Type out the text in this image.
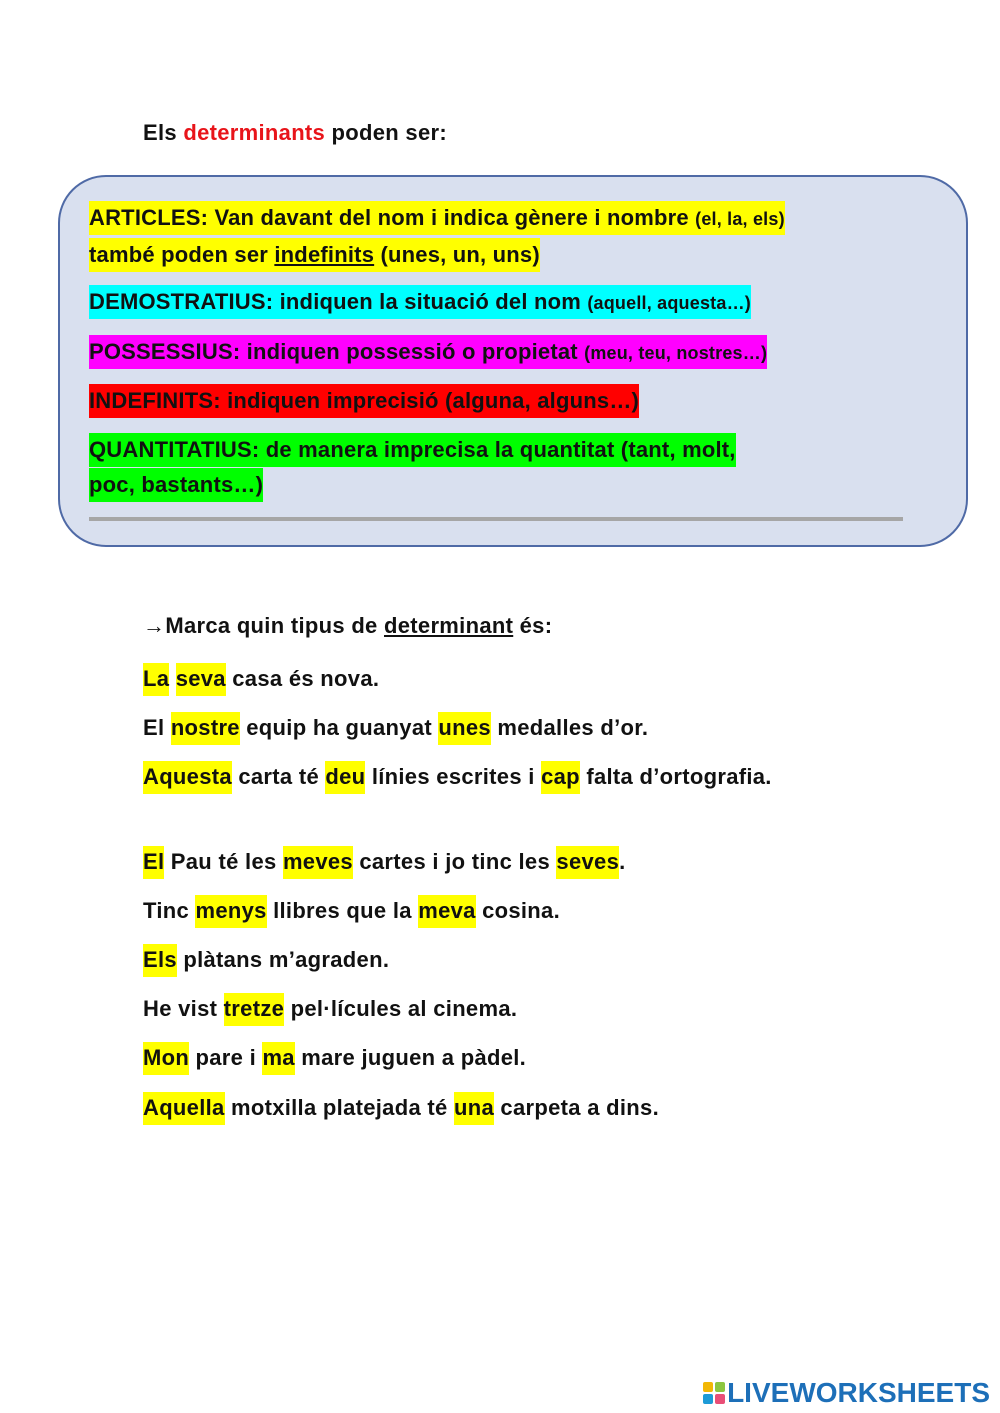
Els determinants poden ser:
ARTICLES: Van davant del nom i indica gènere i nombre (el, la, els)
també poden ser indefinits (unes, un, uns)
DEMOSTRATIUS: indiquen la situació del nom (aquell, aquesta…)
POSSESSIUS: indiquen possessió o propietat (meu, teu, nostres…)
INDEFINITS: indiquen imprecisió (alguna, alguns…)
QUANTITATIUS: de manera imprecisa la quantitat (tant, molt,
poc, bastants…)
→Marca quin tipus de determinant és:
La seva casa és nova.
El nostre equip ha guanyat unes medalles d’or.
Aquesta carta té deu línies escrites i cap falta d’ortografia.
El Pau té les meves cartes i jo tinc les seves.
Tinc menys llibres que la meva cosina.
Els plàtans m’agraden.
He vist tretze pel·lícules al cinema.
Mon pare i ma mare juguen a pàdel.
Aquella motxilla platejada té una carpeta a dins.
LIVEWORKSHEETS
